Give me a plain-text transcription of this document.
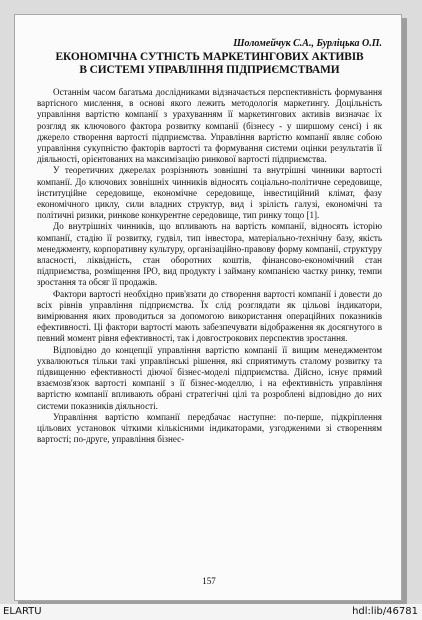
157
Шоломейчук С.А., Бурліцька О.П.
ЕКОНОМІЧНА СУТНІСТЬ МАРКЕТИНГОВИХ АКТИВІВ
В СИСТЕМІ УПРАВЛІННЯ ПІДПРИЄМСТВАМИ

Останнім часом багатьма дослідниками відзначається перспективність формування вартісного мислення, в основі якого лежить методологія маркетингу. Доцільність управління вартістю компанії з урахуванням її маркетингових активів визначає їх розгляд як ключового фактора розвитку компанії (бізнесу - у ширшому сенсі) і як джерело створення вартості підприємства. Управління вартістю компанії являє собою управління сукупністю факторів вартості та формування системи оцінки результатів її діяльності, орієнтованих на максимізацію ринкової вартості підприємства.

У теоретичних джерелах розрізняють зовнішні та внутрішні чинники вартості компанії. До ключових зовнішніх чинників відносять соціально-політичне середовище, інституційне середовище, економічне середовище, інвестиційний клімат, фазу економічного циклу, сили владних структур, вид і зрілість галузі, економічні та політичні ризики, ринкове конкурентне середовище, тип ринку тощо [1].

До внутрішніх чинників, що впливають на вартість компанії, відносять історію компанії, стадію її розвитку, гудвіл, тип інвестора, матеріально-технічну базу, якість менеджменту, корпоративну культуру, організаційно-правову форму компанії, структуру власності, ліквідність, стан оборотних коштів, фінансово-економічний стан підприємства, розміщення IPO, вид продукту і займану компанією частку ринку, темпи зростання та обсяг її продажів.

Фактори вартості необхідно прив'язати до створення вартості компанії і довести до всіх рівнів управління підприємства. Їх слід розглядати як цільові індикатори, вимірювання яких проводиться за допомогою використання операційних показників ефективності. Ці фактори вартості мають забезпечувати відображення як досягнутого в певний момент рівня ефективності, так і довгострокових перспектив зростання.

Відповідно до концепції управління вартістю компанії її вищим менеджментом ухвалюються тільки такі управлінські рішення, які сприятимуть сталому розвитку та підвищенню ефективності діючої бізнес-моделі підприємства. Дійсно, існує прямий взаємозв'язок вартості компанії з її бізнес-моделлю, і на ефективність управління вартістю компанії впливають обрані стратегічні цілі та розроблені відповідно до них системи показників діяльності.

Управління вартістю компанії передбачає наступне: по-перше, підкріплення цільових установок чіткими кількісними індикаторами, узгодженими зі створенням вартості; по-друге, управління бізнес-

ELARTU	hdl:lib/46781
